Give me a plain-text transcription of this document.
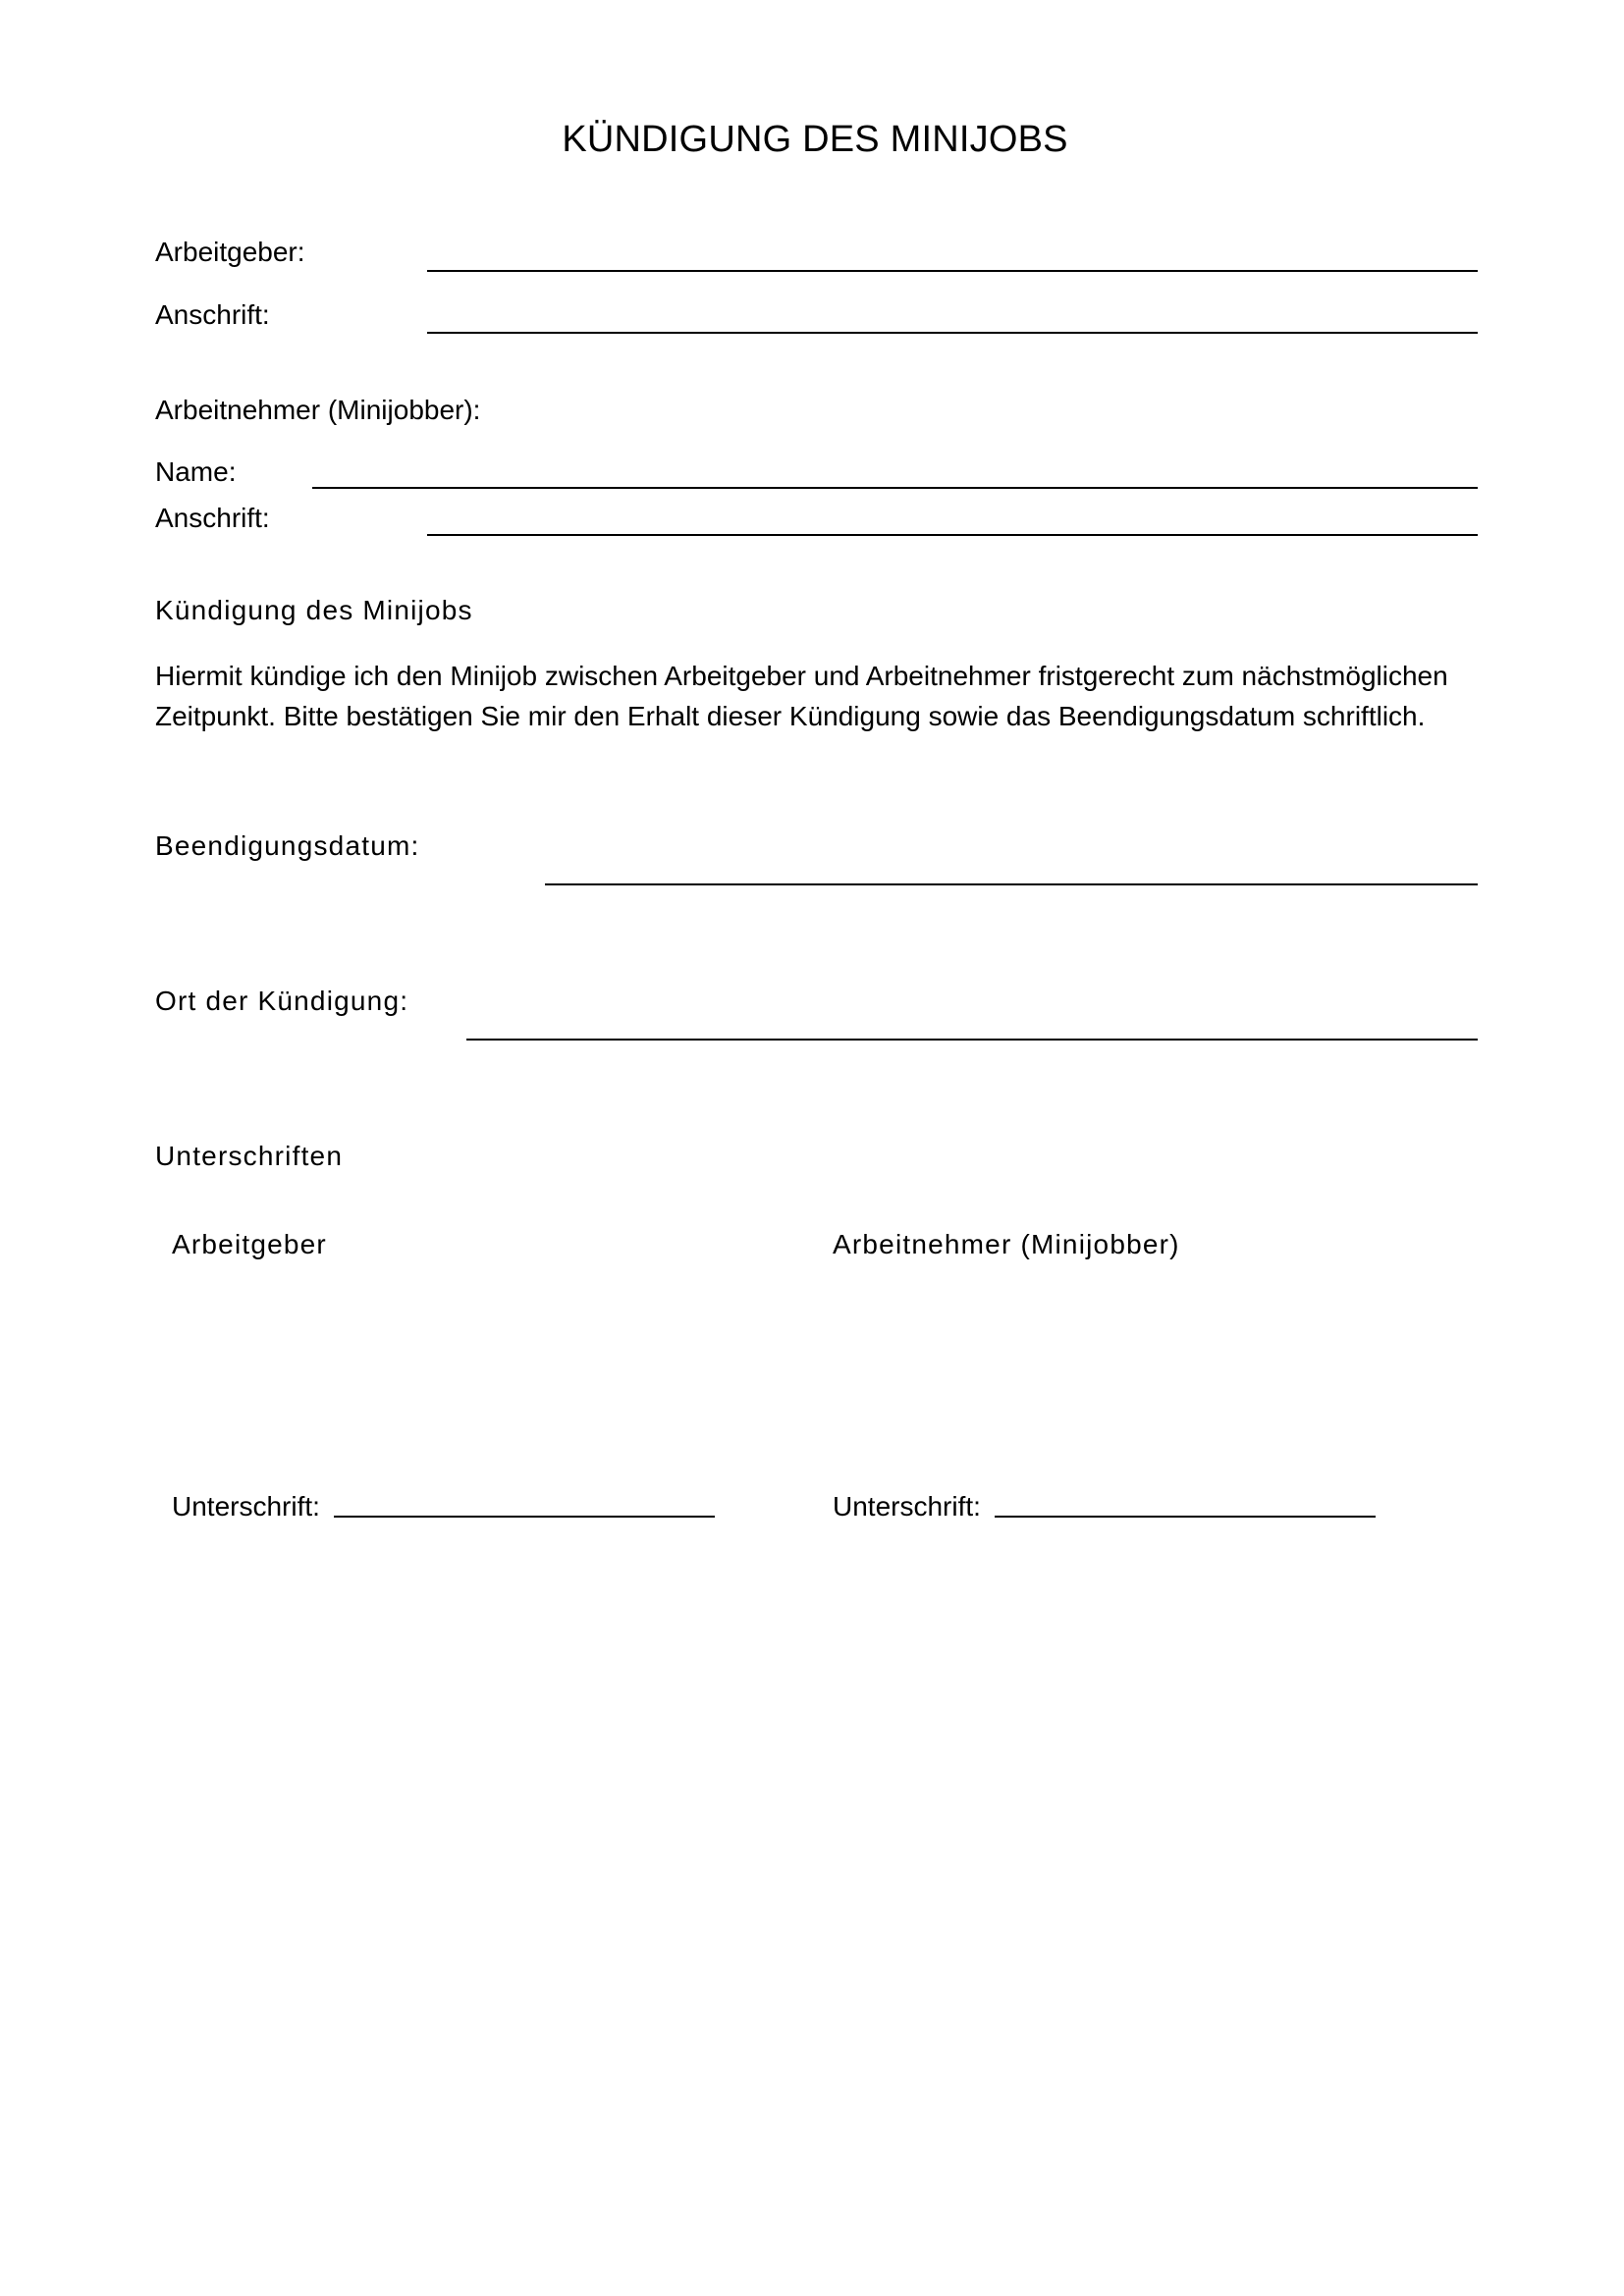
KÜNDIGUNG DES MINIJOBS
Arbeitgeber:
Anschrift:
Arbeitnehmer (Minijobber):
Name:
Anschrift:
Kündigung des Minijobs
Hiermit kündige ich den Minijob zwischen Arbeitgeber und Arbeitnehmer fristgerecht zum nächstmöglichen Zeitpunkt. Bitte bestätigen Sie mir den Erhalt dieser Kündigung sowie das Beendigungsdatum schriftlich.
Beendigungsdatum:
Ort der Kündigung:
Unterschriften
Arbeitgeber	Arbeitnehmer (Minijobber)
Unterschrift:	Unterschrift:
